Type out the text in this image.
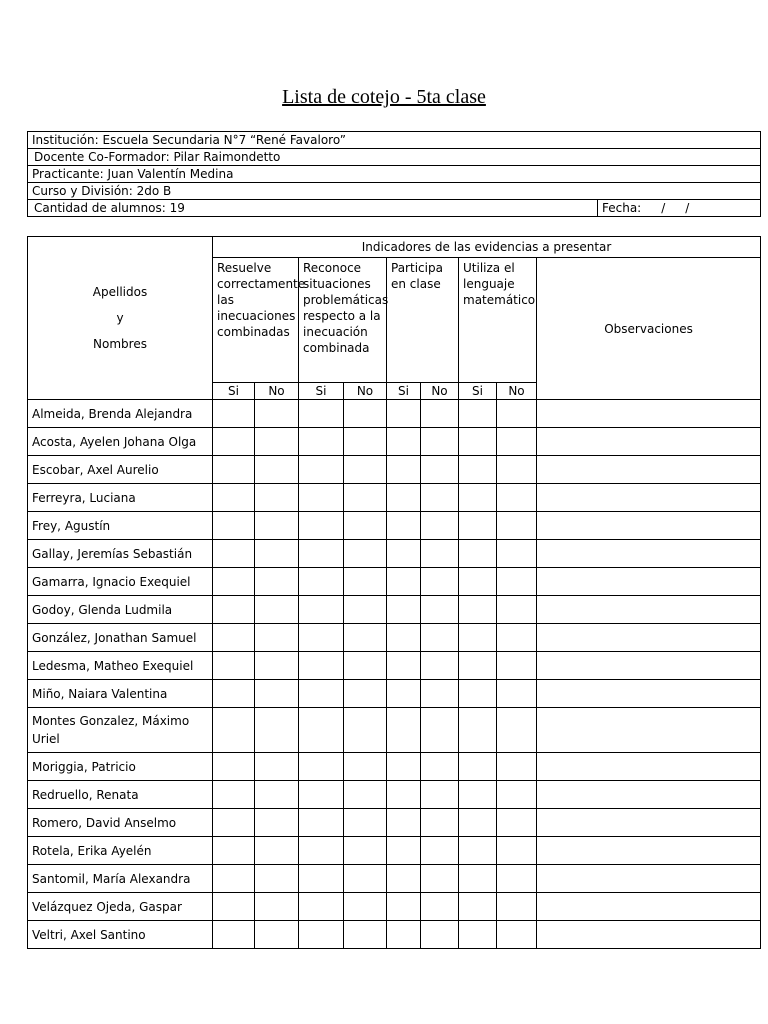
Lista de cotejo - 5ta clase
Institución: Escuela Secundaria N°7 “René Favaloro”
Docente Co-Formador: Pilar Raimondetto
Practicante: Juan Valentín Medina
Curso y División: 2do B
Cantidad de alumnos: 19	Fecha: / /
Apellidos
y
Nombres	Indicadores de las evidencias a presentar								
	Resuelve correctamente las inecuaciones combinadas		Reconoce situaciones problemáticas respecto a la inecuación combinada		Participa en clase		Utiliza el lenguaje matemático		Observaciones
	Si	No	Si	No	Si	No	Si	No	
Almeida, Brenda Alejandra									
Acosta, Ayelen Johana Olga									
Escobar, Axel Aurelio									
Ferreyra, Luciana									
Frey, Agustín									
Gallay, Jeremías Sebastián									
Gamarra, Ignacio Exequiel									
Godoy, Glenda Ludmila									
González, Jonathan Samuel									
Ledesma, Matheo Exequiel									
Miño, Naiara Valentina									
Montes Gonzalez, Máximo Uriel									
Moriggia, Patricio									
Redruello, Renata									
Romero, David Anselmo									
Rotela, Erika Ayelén									
Santomil, María Alexandra									
Velázquez Ojeda, Gaspar									
Veltri, Axel Santino									
